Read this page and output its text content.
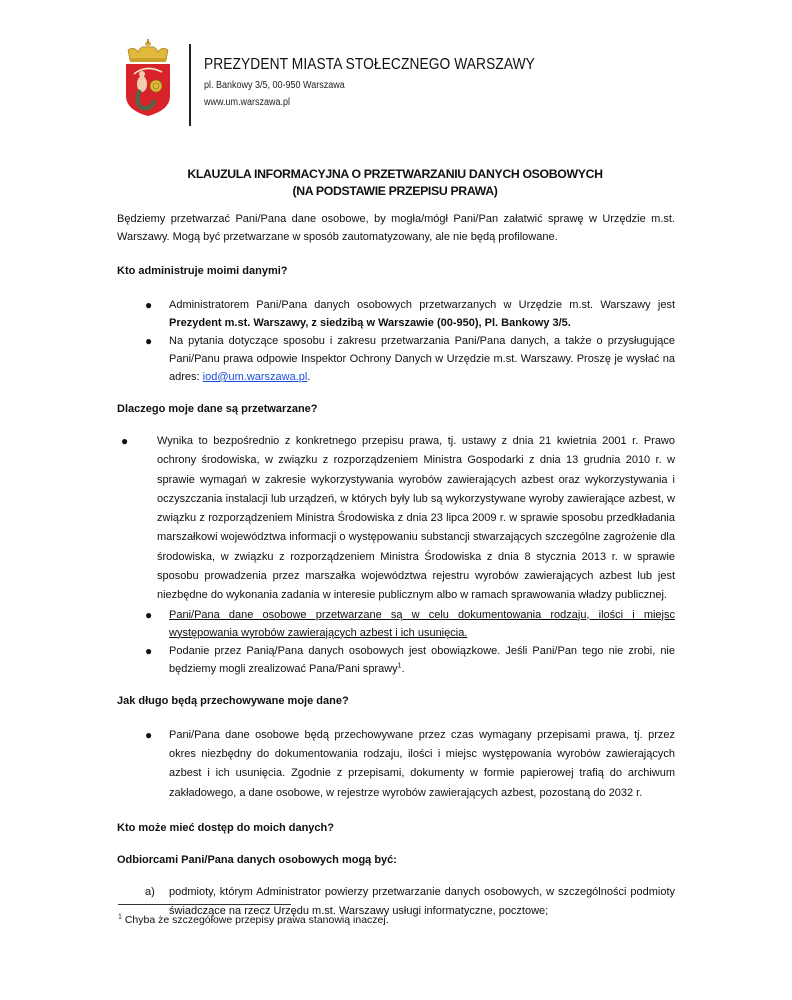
PREZYDENT MIASTA STOŁECZNEGO WARSZAWY
pl. Bankowy 3/5, 00-950 Warszawa
www.um.warszawa.pl
KLAUZULA INFORMACYJNA O PRZETWARZANIU DANYCH OSOBOWYCH
(NA PODSTAWIE PRZEPISU PRAWA)

Będziemy przetwarzać Pani/Pana dane osobowe, by mogła/mógł Pani/Pan załatwić sprawę w Urzędzie m.st. Warszawy. Mogą być przetwarzane w sposób zautomatyzowany, ale nie będą profilowane.

Kto administruje moimi danymi?
● Administratorem Pani/Pana danych osobowych przetwarzanych w Urzędzie m.st. Warszawy jest Prezydent m.st. Warszawy, z siedzibą w Warszawie (00-950), Pl. Bankowy 3/5.
● Na pytania dotyczące sposobu i zakresu przetwarzania Pani/Pana danych, a także o przysługujące Pani/Panu prawa odpowie Inspektor Ochrony Danych w Urzędzie m.st. Warszawy. Proszę je wysłać na adres: iod@um.warszawa.pl.
Dlaczego moje dane są przetwarzane?
●	Wynika to bezpośrednio z konkretnego przepisu prawa, tj. ustawy z dnia 21 kwietnia 2001 r. Prawo ochrony środowiska, w związku z rozporządzeniem Ministra Gospodarki z dnia 13 grudnia 2010 r. w sprawie wymagań w zakresie wykorzystywania wyrobów zawierających azbest oraz wykorzystywania i oczyszczania instalacji lub urządzeń, w których były lub są wykorzystywane wyroby zawierające azbest, w związku z rozporządzeniem Ministra Środowiska z dnia 23 lipca 2009 r. w sprawie sposobu przedkładania marszałkowi województwa informacji o występowaniu substancji stwarzających szczególne zagrożenie dla środowiska, w związku z rozporządzeniem Ministra Środowiska z dnia 8 stycznia 2013 r. w sprawie sposobu prowadzenia przez marszałka województwa rejestru wyrobów zawierających azbest lub jest niezbędne do wykonania zadania w interesie publicznym albo w ramach sprawowania władzy publicznej.
● Pani/Pana dane osobowe przetwarzane są w celu dokumentowania rodzaju, ilości i miejsc występowania wyrobów zawierających azbest i ich usunięcia.
● Podanie przez Panią/Pana danych osobowych jest obowiązkowe. Jeśli Pani/Pan tego nie zrobi, nie będziemy mogli zrealizować Pana/Pani sprawy$^1$.
Jak długo będą przechowywane moje dane?
● Pani/Pana dane osobowe będą przechowywane przez czas wymagany przepisami prawa, tj. przez okres niezbędny do dokumentowania rodzaju, ilości i miejsc występowania wyrobów zawierających azbest i ich usunięcia. Zgodnie z przepisami, dokumenty w formie papierowej trafią do archiwum zakładowego, a dane osobowe, w rejestrze wyrobów zawierających azbest, pozostaną do 2032 r.
Kto może mieć dostęp do moich danych?
Odbiorcami Pani/Pana danych osobowych mogą być:
a) podmioty, którym Administrator powierzy przetwarzanie danych osobowych, w szczególności podmioty świadczące na rzecz Urzędu m.st. Warszawy usługi informatyczne, pocztowe;
$^1$ Chyba że szczegółowe przepisy prawa stanowią inaczej.
